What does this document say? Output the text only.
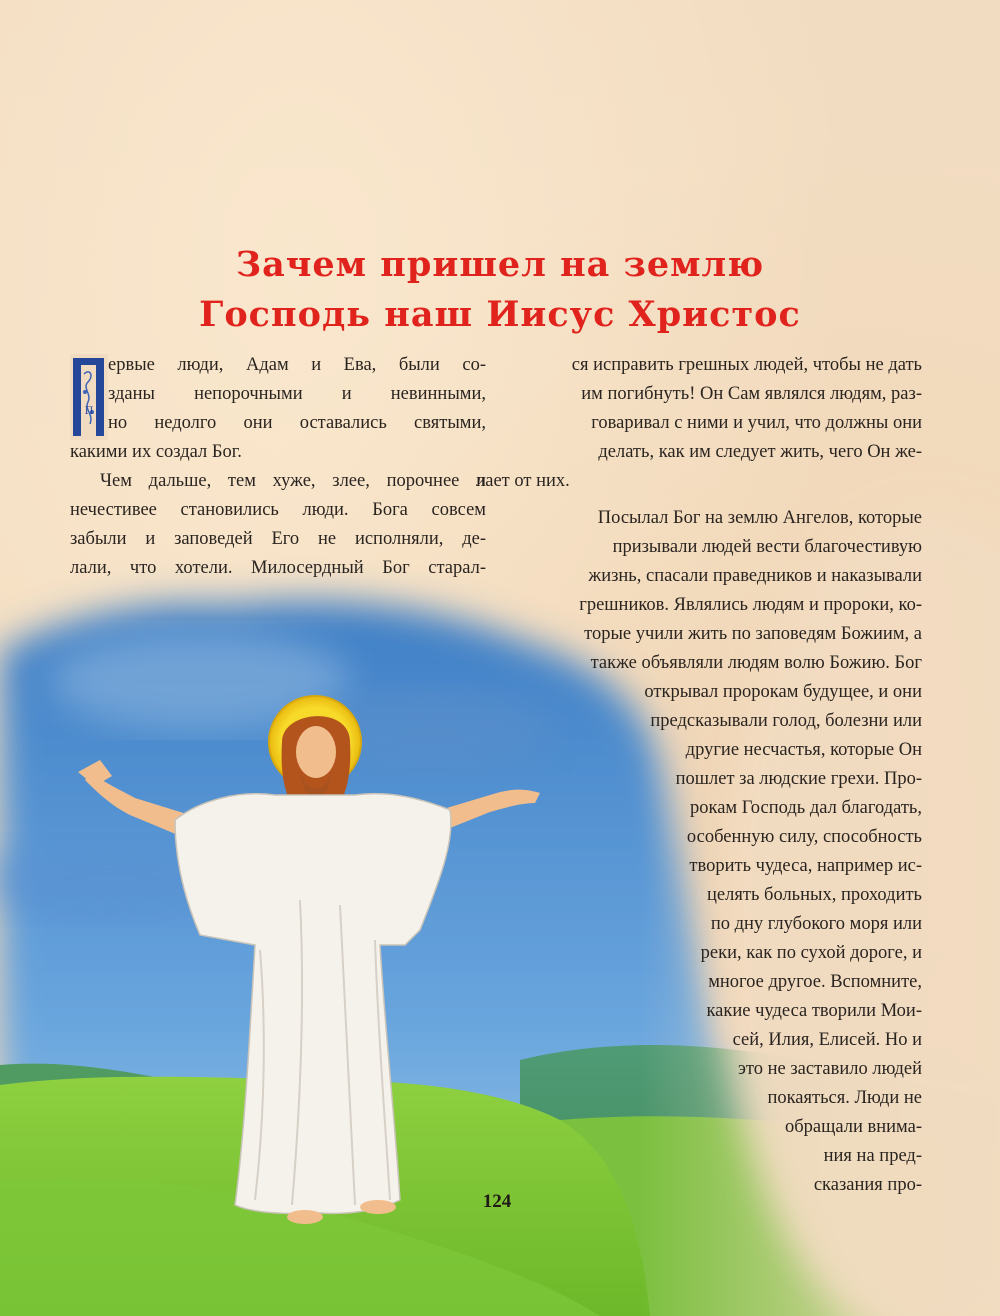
Зачем пришел на землю
Господь наш Иисус Христос
П
ервые люди, Адам и Ева, были со-
зданы непорочными и невинными,
но недолго они оставались святыми,
какими их создал Бог.
Чем дальше, тем хуже, злее, порочнее и
нечестивее становились люди. Бога совсем
забыли и заповедей Его не исполняли, де-
лали, что хотели. Милосердный Бог старал-
ся исправить грешных людей, чтобы не дать
им погибнуть! Он Сам являлся людям, раз-
говаривал с ними и учил, что должны они
делать, как им следует жить, чего Он же-
лает от них.
Посылал Бог на землю Ангелов, которые
призывали людей вести благочестивую
жизнь, спасали праведников и наказывали
грешников. Являлись людям и пророки, ко-
торые учили жить по заповедям Божиим, а
также объявляли людям волю Божию. Бог
открывал пророкам будущее, и они
предсказывали голод, болезни или
другие несчастья, которые Он
пошлет за людские грехи. Про-
рокам Господь дал благодать,
особенную силу, способность
творить чудеса, например ис-
целять больных, проходить
по дну глубокого моря или
реки, как по сухой дороге, и
многое другое. Вспомните,
какие чудеса творили Мои-
сей, Илия, Елисей. Но и
это не заставило людей
покаяться. Люди не
обращали внима-
ния на пред-
сказания про-
124
